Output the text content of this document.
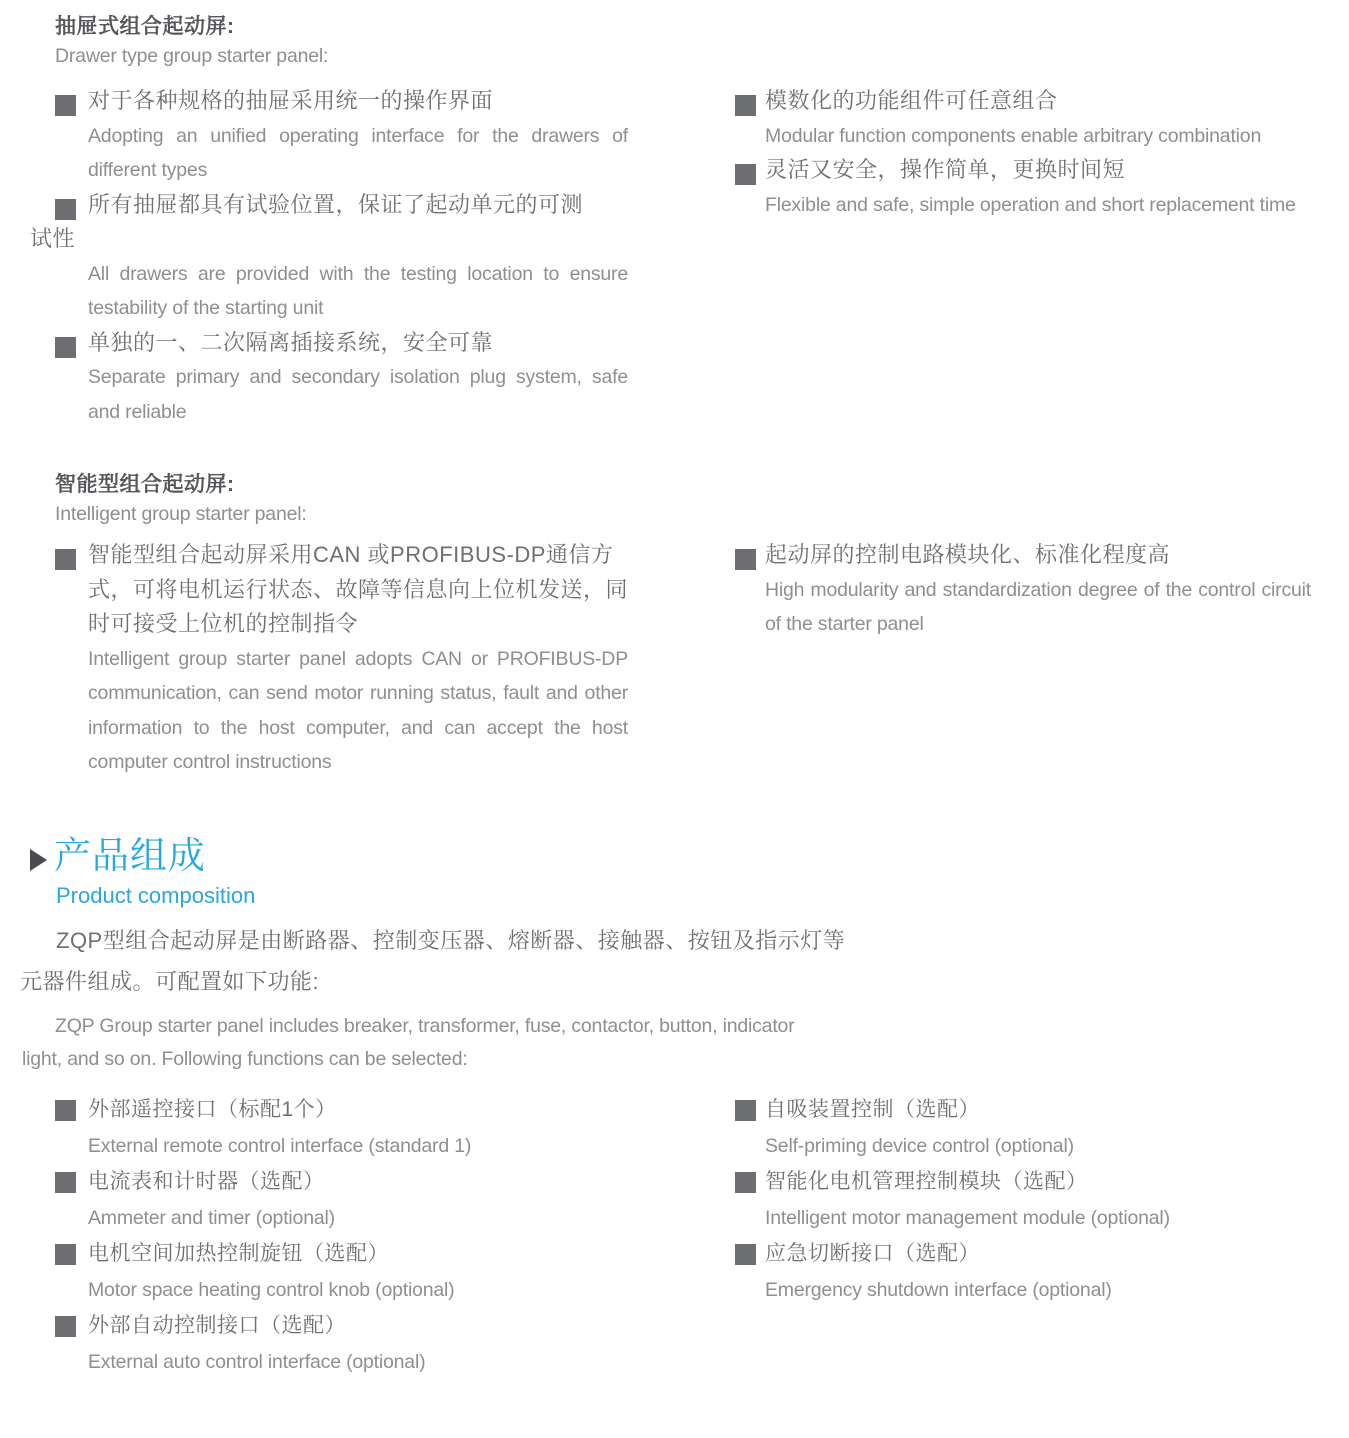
抽屉式组合起动屏:
Drawer type group starter panel:
对于各种规格的抽屉采用统一的操作界面
Adopting an unified operating interface for the drawers of different types
所有抽屉都具有试验位置，保证了起动单元的可测试性
All drawers are provided with the testing location to ensure testability of the starting unit
单独的一、二次隔离插接系统，安全可靠
Separate primary and secondary isolation plug system, safe and reliable
模数化的功能组件可任意组合
Modular function components enable arbitrary combination
灵活又安全，操作简单，更换时间短
Flexible and safe, simple operation and short replacement time
智能型组合起动屏:
Intelligent group starter panel:
智能型组合起动屏采用CAN 或PROFIBUS-DP通信方式，可将电机运行状态、故障等信息向上位机发送，同时可接受上位机的控制指令
Intelligent group starter panel adopts CAN or PROFIBUS-DP communication, can send motor running status, fault and other information to the host computer, and can accept the host computer control instructions
起动屏的控制电路模块化、标准化程度高
High modularity and standardization degree of the control circuit of the starter panel
产品组成
Product composition
ZQP型组合起动屏是由断路器、控制变压器、熔断器、接触器、按钮及指示灯等
元器件组成。可配置如下功能:
ZQP Group starter panel includes breaker, transformer, fuse, contactor, button, indicator
light, and so on. Following functions can be selected:
外部遥控接口（标配1个）
External remote control interface (standard 1)
电流表和计时器（选配）
Ammeter and timer (optional)
电机空间加热控制旋钮（选配）
Motor space heating control knob (optional)
外部自动控制接口（选配）
External auto control interface (optional)
自吸装置控制（选配）
Self-priming device control (optional)
智能化电机管理控制模块（选配）
Intelligent motor management module (optional)
应急切断接口（选配）
Emergency shutdown interface (optional)
